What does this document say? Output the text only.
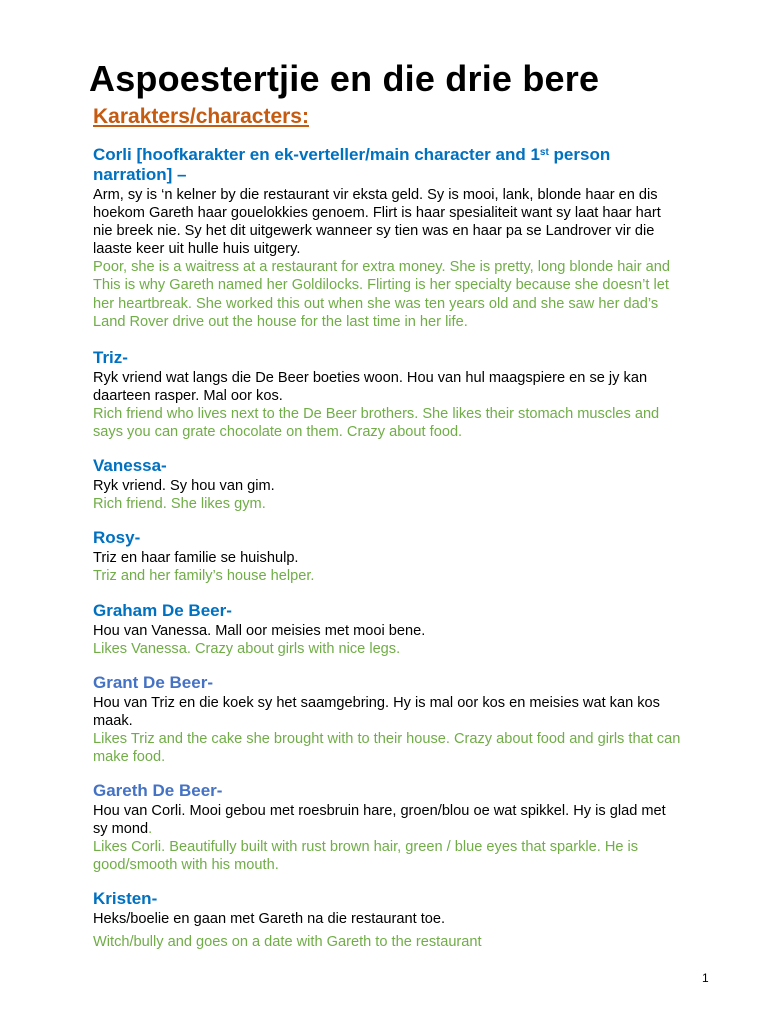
Aspoestertjie en die drie bere
Karakters/characters:

Corli [hoofkarakter en ek-verteller/main character and 1st person narration] –

Arm, sy is ‘n kelner by die restaurant vir eksta geld. Sy is mooi, lank, blonde haar en dis hoekom Gareth haar gouelokkies genoem. Flirt is haar spesialiteit want sy laat haar hart nie breek nie. Sy het dit uitgewerk wanneer sy tien was en haar pa se Landrover vir die laaste keer uit hulle huis uitgery.

Poor, she is a waitress at a restaurant for extra money. She is pretty, long blonde hair and This is why Gareth named her Goldilocks. Flirting is her specialty because she doesn’t let her heartbreak. She worked this out when she was ten years old and she saw her dad’s Land Rover drive out the house for the last time in her life.

Triz-

Ryk vriend wat langs die De Beer boeties woon. Hou van hul maagspiere en se jy kan daarteen rasper. Mal oor kos.

Rich friend who lives next to the De Beer brothers. She likes their stomach muscles and says you can grate chocolate on them. Crazy about food.

Vanessa-

Ryk vriend. Sy hou van gim.

Rich friend. She likes gym.

Rosy-

Triz en haar familie se huishulp.

Triz and her family’s house helper.

Graham De Beer-

Hou van Vanessa. Mall oor meisies met mooi bene.

Likes Vanessa. Crazy about girls with nice legs.

Grant De Beer-

Hou van Triz en die koek sy het saamgebring. Hy is mal oor kos en meisies wat kan kos maak.

Likes Triz and the cake she brought with to their house. Crazy about food and girls that can make food.

Gareth De Beer-

Hou van Corli. Mooi gebou met roesbruin hare, groen/blou oe wat spikkel. Hy is glad met sy mond.

Likes Corli. Beautifully built with rust brown hair, green / blue eyes that sparkle. He is good/smooth with his mouth.

Kristen-

Heks/boelie en gaan met Gareth na die restaurant toe.

Witch/bully and goes on a date with Gareth to the restaurant

1
